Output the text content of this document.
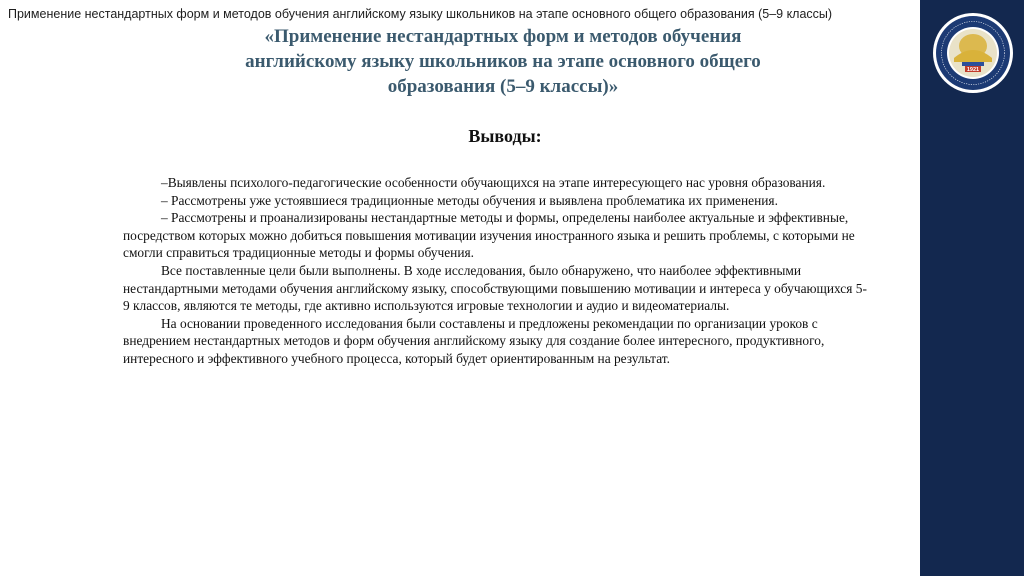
Применение нестандартных форм и методов обучения английскому языку школьников на этапе основного общего образования (5–9 классы)
«Применение нестандартных форм и методов обучения
английскому языку школьников на этапе основного общего
образования (5–9 классы)»
Выводы:

–Выявлены психолого-педагогические особенности обучающихся на этапе интересующего нас уровня образования.

– Рассмотрены уже устоявшиеся традиционные методы обучения и выявлена проблематика их применения.

– Рассмотрены и проанализированы нестандартные методы и формы, определены наиболее актуальные и эффективные, посредством которых можно добиться повышения мотивации изучения иностранного языка и решить проблемы, с которыми не смогли справиться традиционные методы и формы обучения.

Все поставленные цели были выполнены. В ходе исследования, было обнаружено, что наиболее эффективными нестандартными методами обучения английскому языку, способствующими повышению мотивации и интереса у обучающихся 5-9 классов, являются те методы, где активно используются игровые технологии и аудио и видеоматериалы.

На основании проведенного исследования были составлены и предложены рекомендации по организации уроков с внедрением нестандартных методов и форм обучения английскому языку для создание более интересного, продуктивного, интересного и эффективного учебного процесса, который будет ориентированным на результат.

1921
